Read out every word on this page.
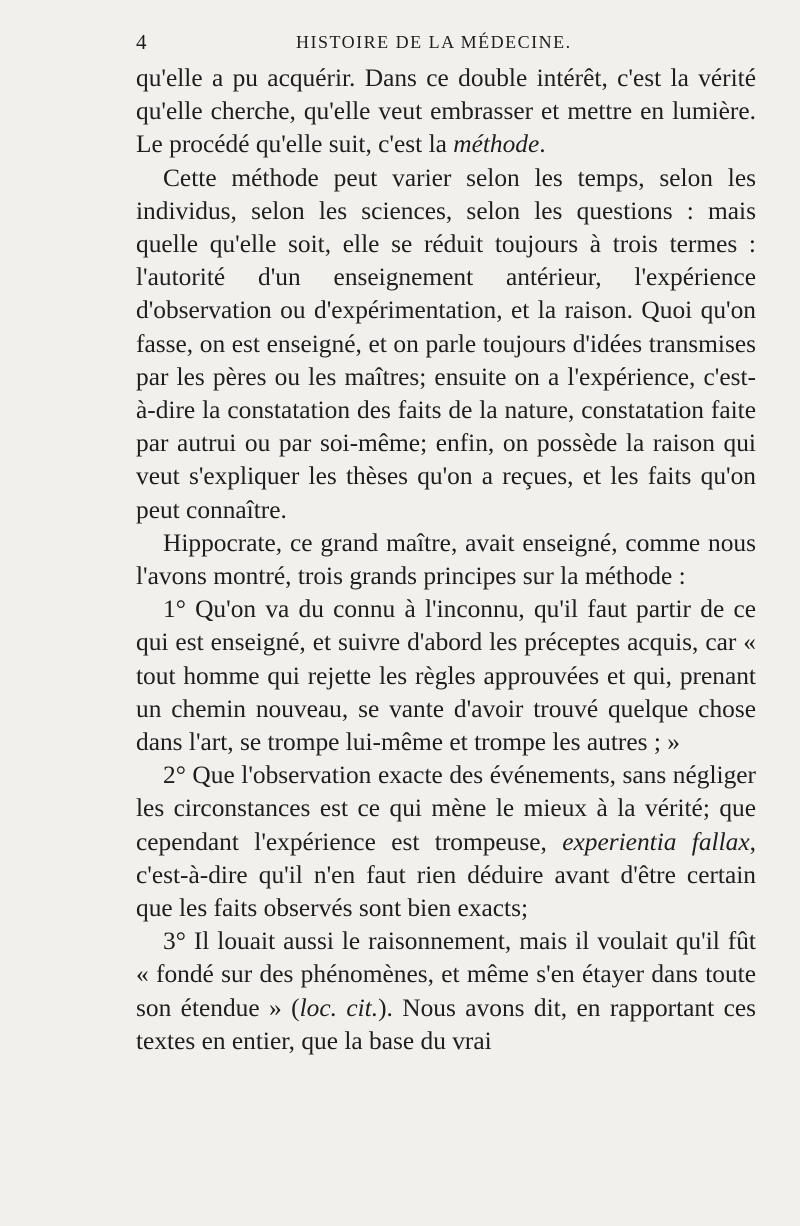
4	HISTOIRE DE LA MÉDECINE.

qu'elle a pu acquérir. Dans ce double intérêt, c'est la vérité qu'elle cherche, qu'elle veut embrasser et mettre en lumière. Le procédé qu'elle suit, c'est la méthode.

Cette méthode peut varier selon les temps, selon les individus, selon les sciences, selon les questions : mais quelle qu'elle soit, elle se réduit toujours à trois termes : l'autorité d'un enseignement antérieur, l'expérience d'observation ou d'expérimentation, et la raison. Quoi qu'on fasse, on est enseigné, et on parle toujours d'idées transmises par les pères ou les maîtres; ensuite on a l'expérience, c'est-à-dire la constatation des faits de la nature, constatation faite par autrui ou par soi-même; enfin, on possède la raison qui veut s'expliquer les thèses qu'on a reçues, et les faits qu'on peut connaître.

Hippocrate, ce grand maître, avait enseigné, comme nous l'avons montré, trois grands principes sur la méthode :

1° Qu'on va du connu à l'inconnu, qu'il faut partir de ce qui est enseigné, et suivre d'abord les préceptes acquis, car « tout homme qui rejette les règles approuvées et qui, prenant un chemin nouveau, se vante d'avoir trouvé quelque chose dans l'art, se trompe lui-même et trompe les autres ; »

2° Que l'observation exacte des événements, sans négliger les circonstances est ce qui mène le mieux à la vérité; que cependant l'expérience est trompeuse, experientia fallax, c'est-à-dire qu'il n'en faut rien déduire avant d'être certain que les faits observés sont bien exacts;

3° Il louait aussi le raisonnement, mais il voulait qu'il fût « fondé sur des phénomènes, et même s'en étayer dans toute son étendue » (loc. cit.). Nous avons dit, en rapportant ces textes en entier, que la base du vrai
